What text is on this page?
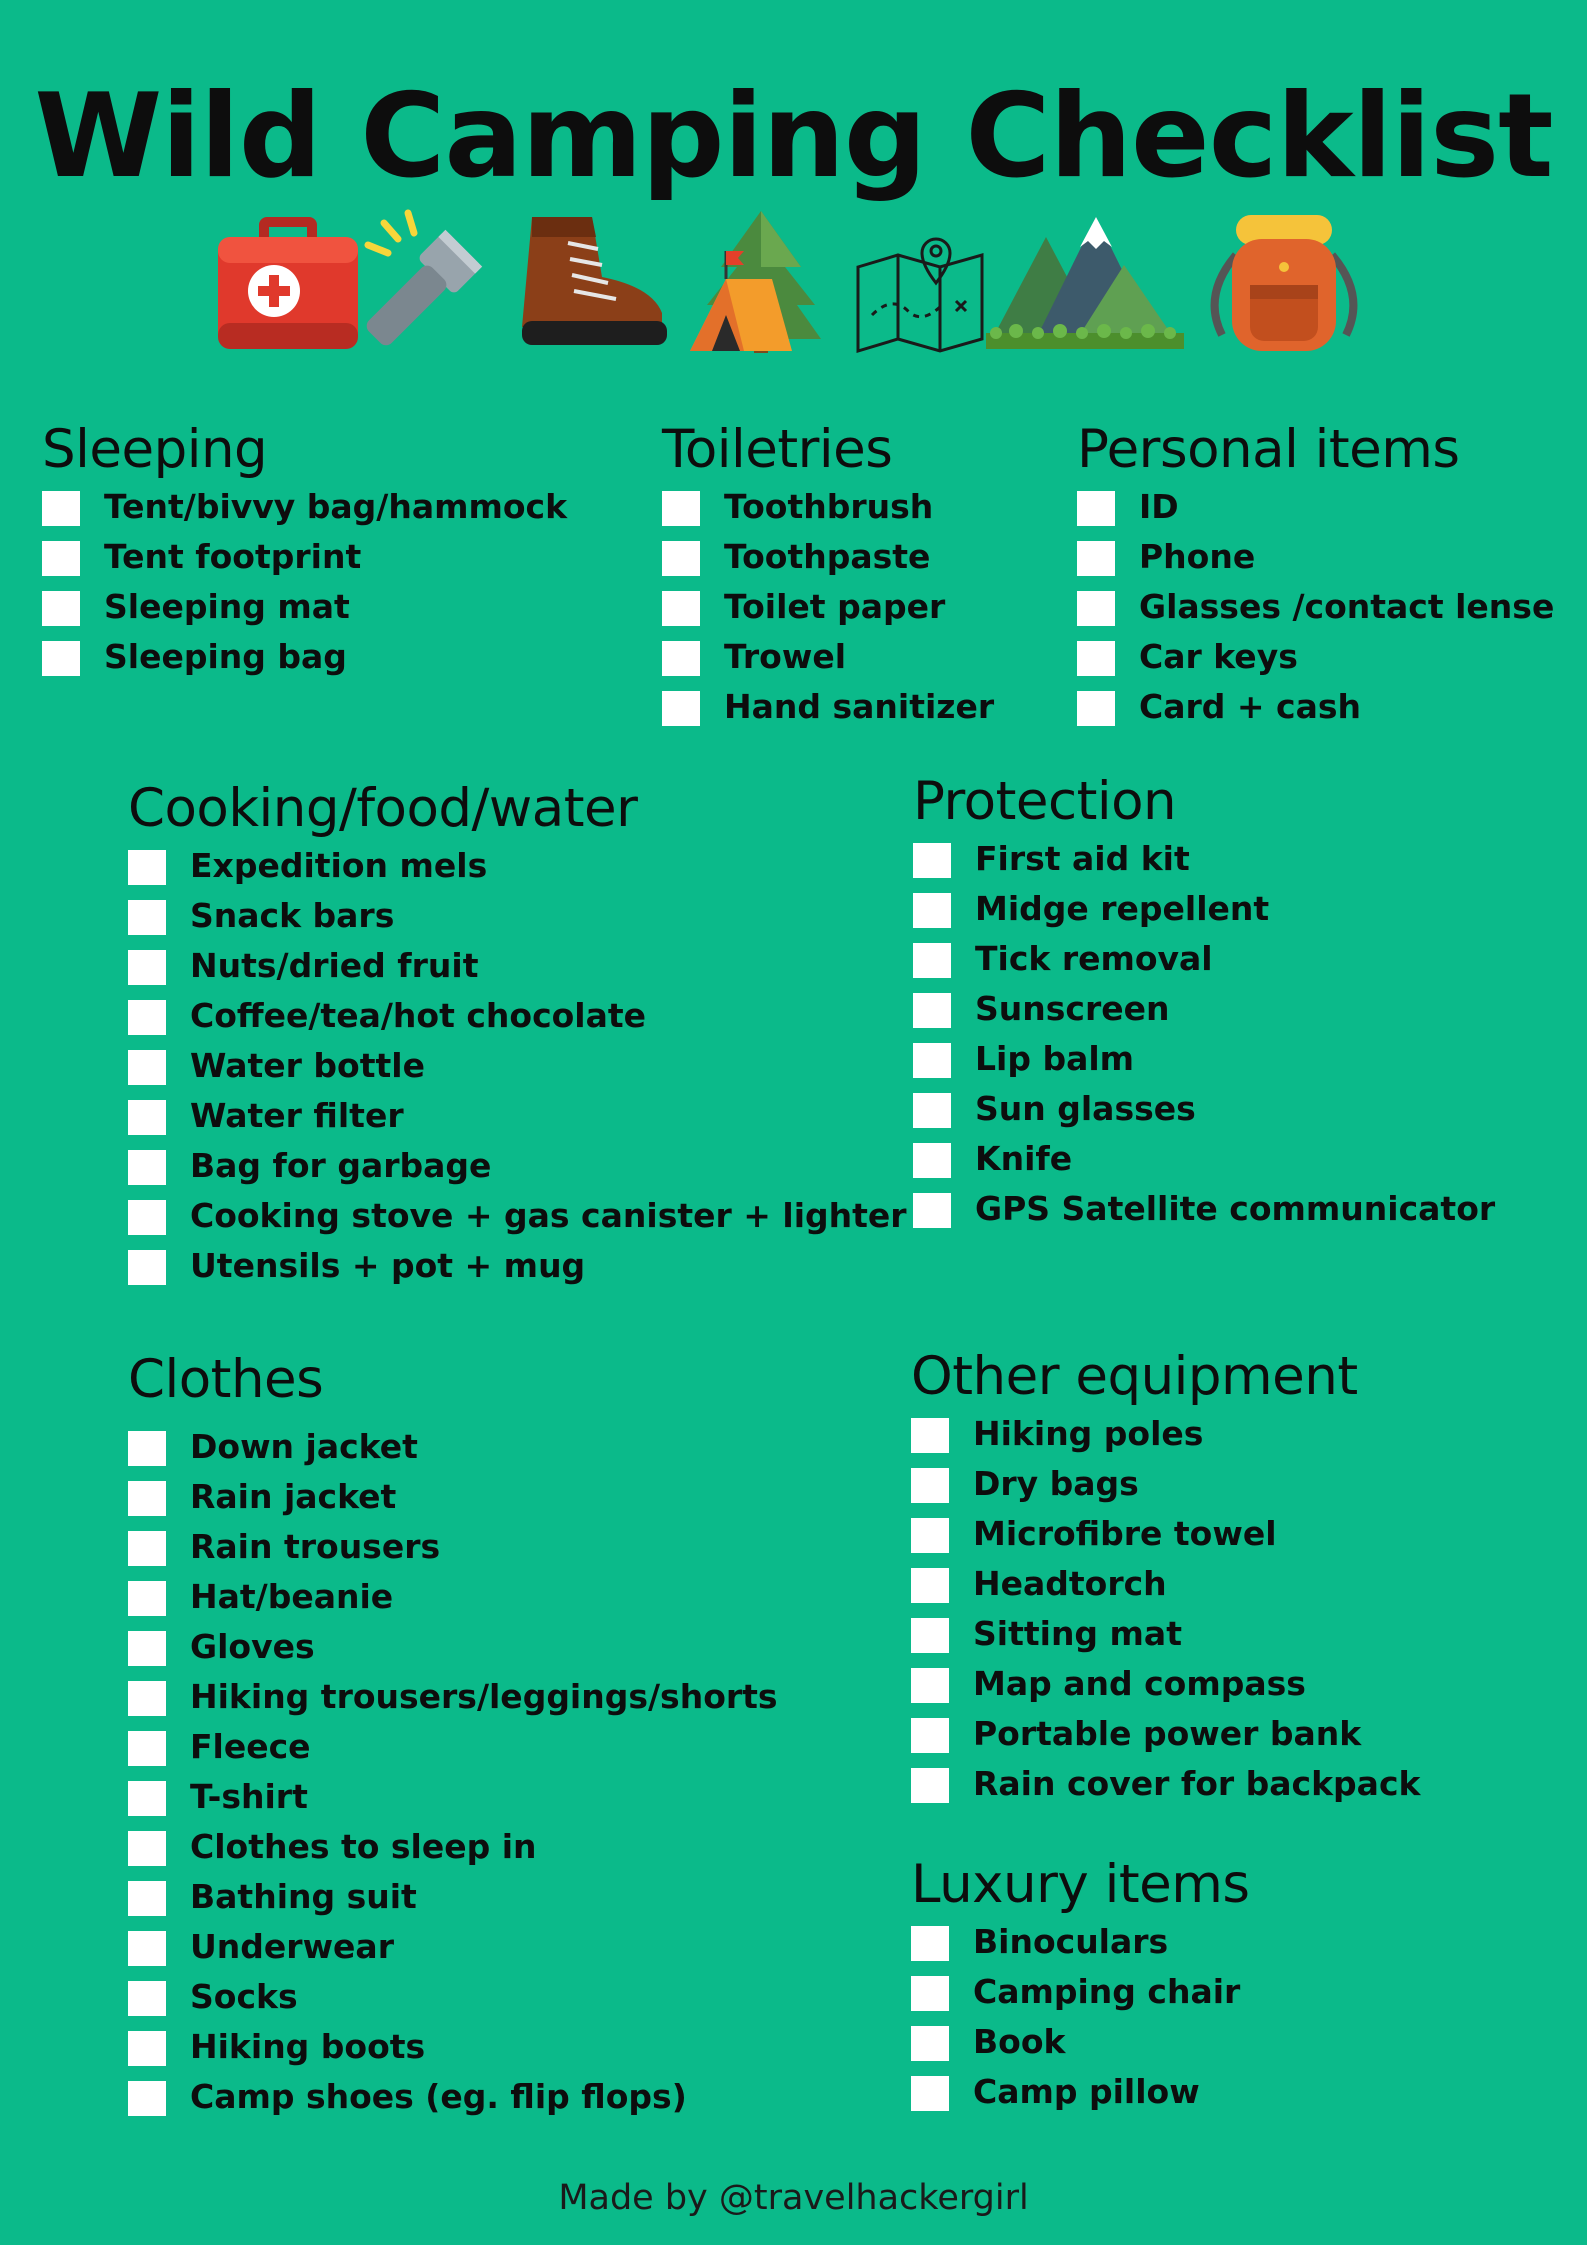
Wild Camping Checklist
Sleeping
Tent/bivvy bag/hammock
Tent footprint
Sleeping mat
Sleeping bag
Toiletries
Toothbrush
Toothpaste
Toilet paper
Trowel
Hand sanitizer
Personal items
ID
Phone
Glasses /contact lense
Car keys
Card + cash
Cooking/food/water
Expedition mels
Snack bars
Nuts/dried fruit
Coffee/tea/hot chocolate
Water bottle
Water filter
Bag for garbage
Cooking stove + gas canister + lighter
Utensils + pot + mug
Protection
First aid kit
Midge repellent
Tick removal
Sunscreen
Lip balm
Sun glasses
Knife
GPS Satellite communicator
Clothes
Down jacket
Rain jacket
Rain trousers
Hat/beanie
Gloves
Hiking trousers/leggings/shorts
Fleece
T-shirt
Clothes to sleep in
Bathing suit
Underwear
Socks
Hiking boots
Camp shoes (eg. flip flops)
Other equipment
Hiking poles
Dry bags
Microfibre towel
Headtorch
Sitting mat
Map and compass
Portable power bank
Rain cover for backpack
Luxury items
Binoculars
Camping chair
Book
Camp pillow
Made by @travelhackergirl
